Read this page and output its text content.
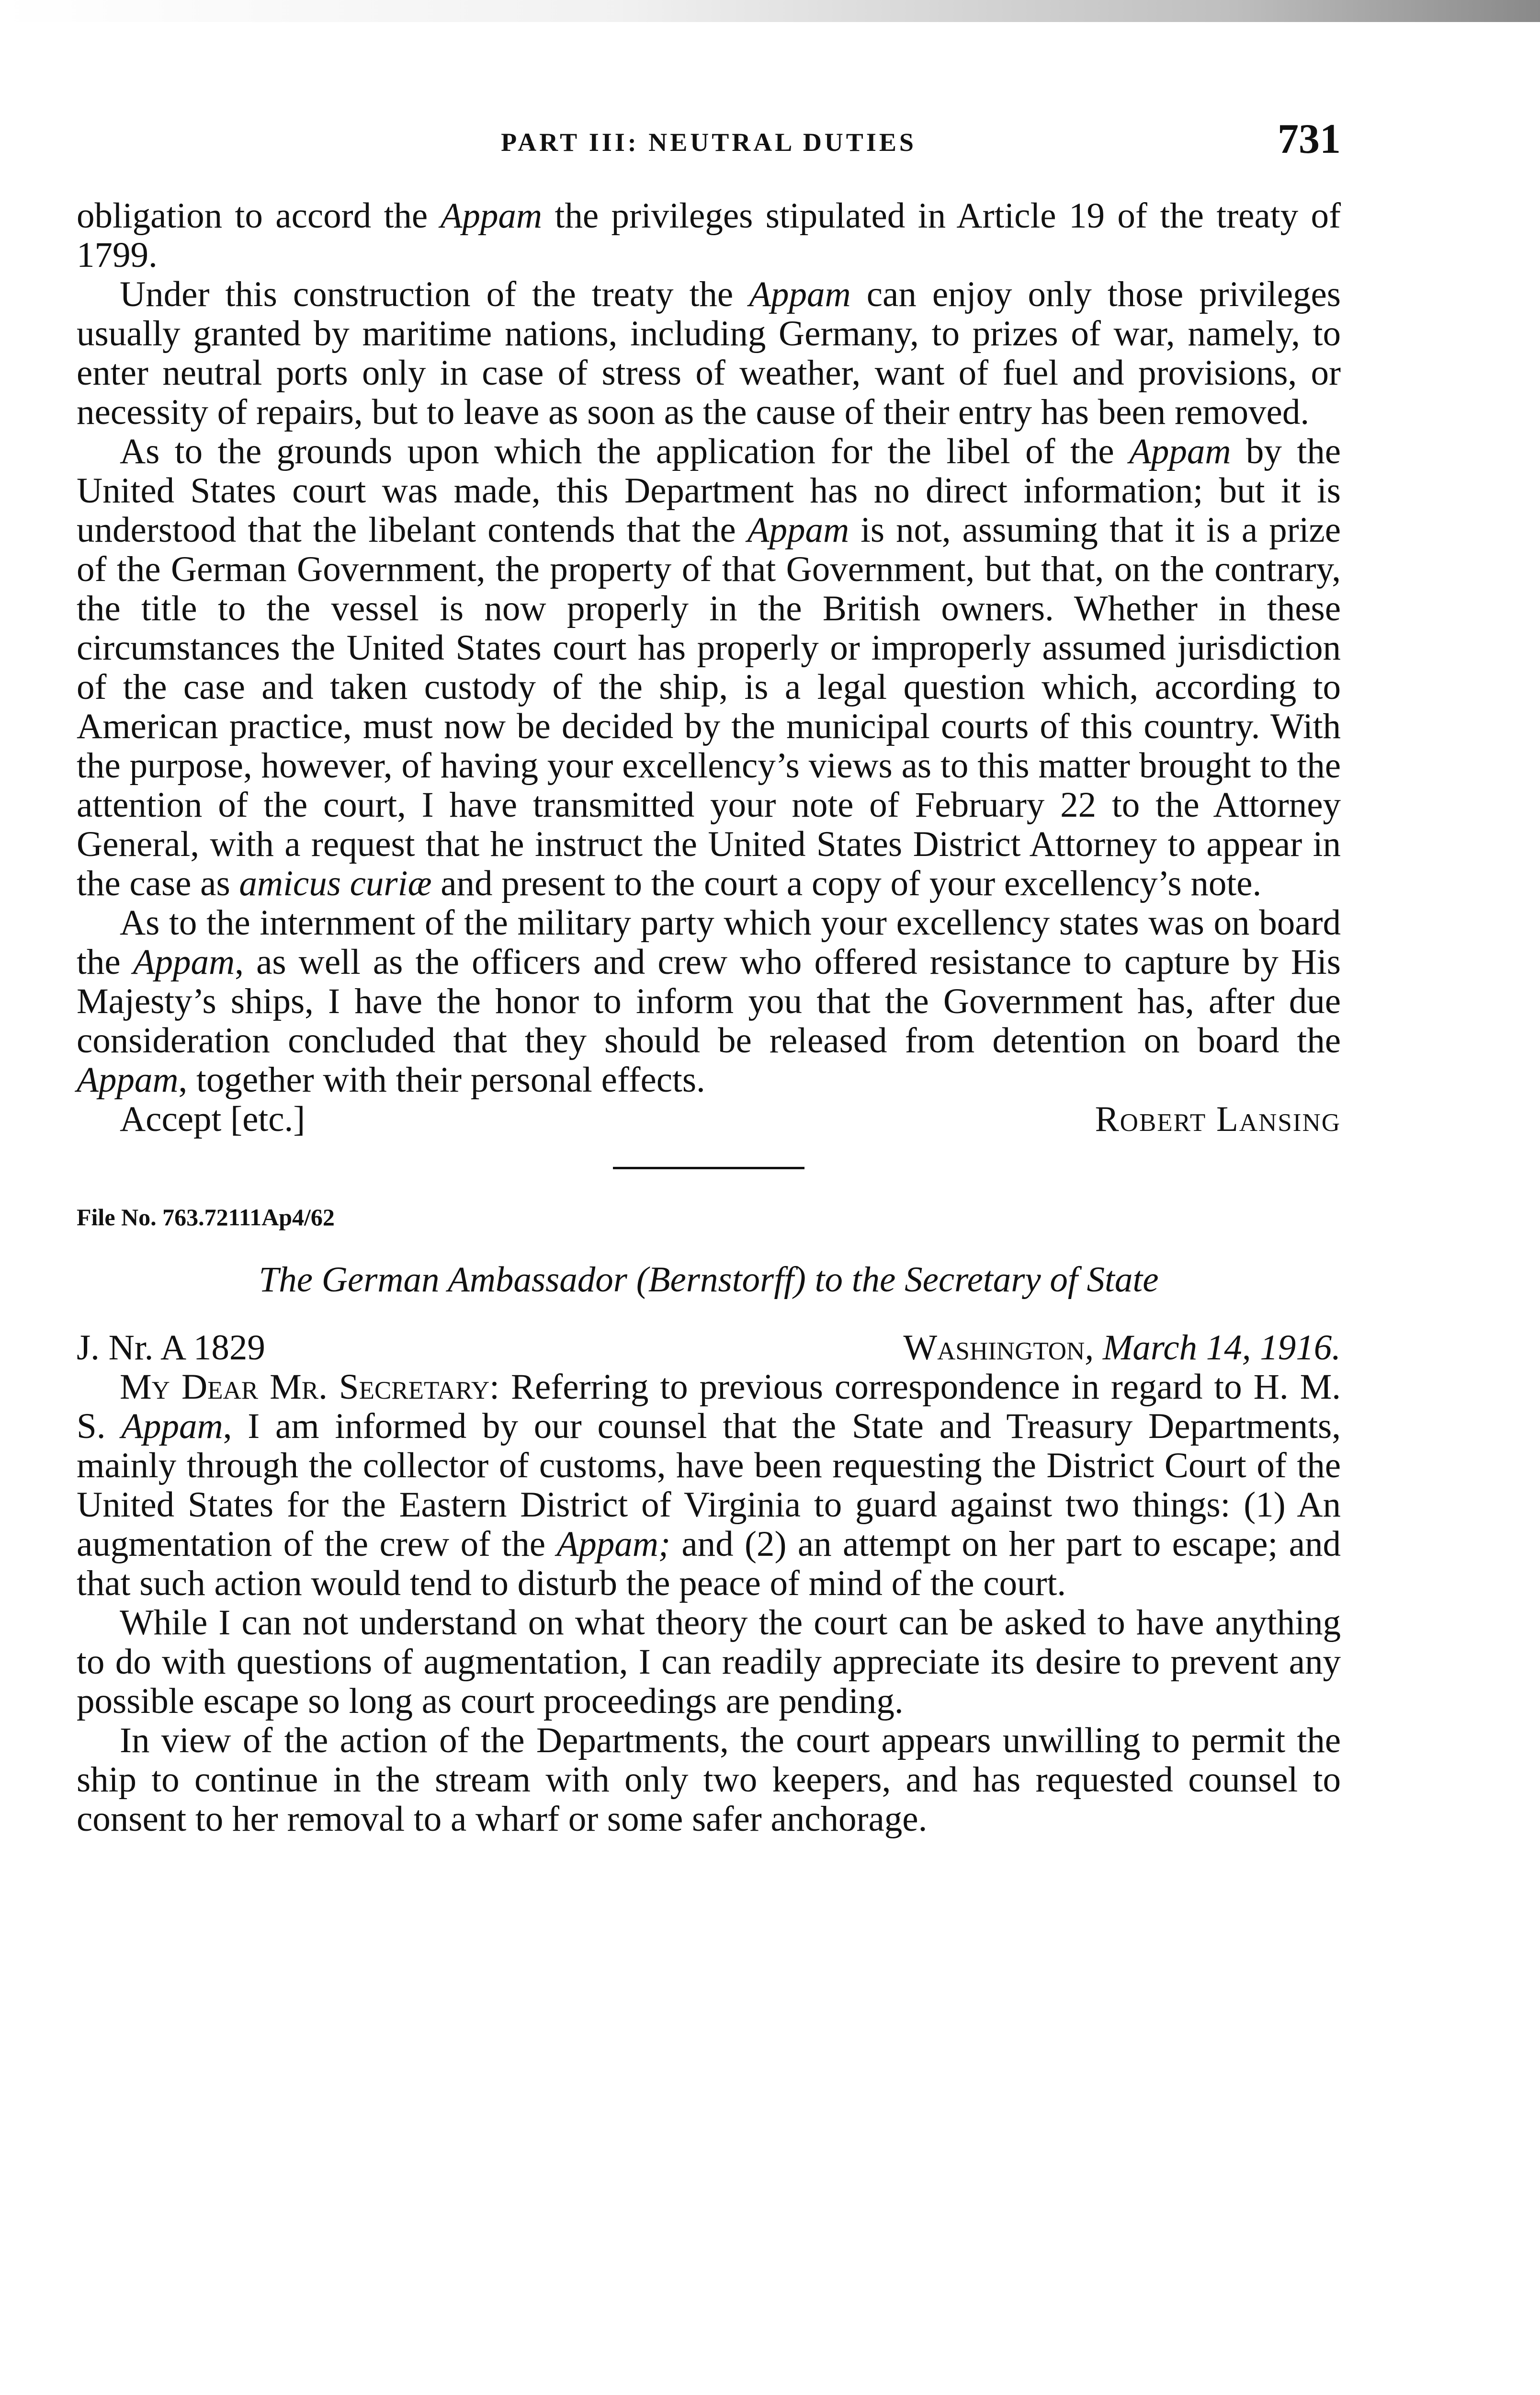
PART III: NEUTRAL DUTIES	731

obligation to accord the Appam the privileges stipulated in Article 19 of the treaty of 1799.

Under this construction of the treaty the Appam can enjoy only those privileges usually granted by maritime nations, including Germany, to prizes of war, namely, to enter neutral ports only in case of stress of weather, want of fuel and provisions, or necessity of repairs, but to leave as soon as the cause of their entry has been removed.

As to the grounds upon which the application for the libel of the Appam by the United States court was made, this Department has no direct information; but it is understood that the libelant contends that the Appam is not, assuming that it is a prize of the German Government, the property of that Government, but that, on the contrary, the title to the vessel is now properly in the British owners. Whether in these circumstances the United States court has properly or improperly assumed jurisdiction of the case and taken custody of the ship, is a legal question which, according to American practice, must now be decided by the municipal courts of this country. With the purpose, however, of having your excellency’s views as to this matter brought to the attention of the court, I have transmitted your note of February 22 to the Attorney General, with a request that he instruct the United States District Attorney to appear in the case as amicus curiæ and present to the court a copy of your excellency’s note.

As to the internment of the military party which your excellency states was on board the Appam, as well as the officers and crew who offered resistance to capture by His Majesty’s ships, I have the honor to inform you that the Government has, after due consideration concluded that they should be released from detention on board the Appam, together with their personal effects.

Accept [etc.]	Robert Lansing
File No. 763.72111Ap4/62
The German Ambassador (Bernstorff) to the Secretary of State
J. Nr. A 1829	Washington, March 14, 1916.

My Dear Mr. Secretary: Referring to previous correspondence in regard to H. M. S. Appam, I am informed by our counsel that the State and Treasury Departments, mainly through the collector of customs, have been requesting the District Court of the United States for the Eastern District of Virginia to guard against two things: (1) An augmentation of the crew of the Appam; and (2) an attempt on her part to escape; and that such action would tend to disturb the peace of mind of the court.

While I can not understand on what theory the court can be asked to have anything to do with questions of augmentation, I can readily appreciate its desire to prevent any possible escape so long as court proceedings are pending.

In view of the action of the Departments, the court appears unwilling to permit the ship to continue in the stream with only two keepers, and has requested counsel to consent to her removal to a wharf or some safer anchorage.
